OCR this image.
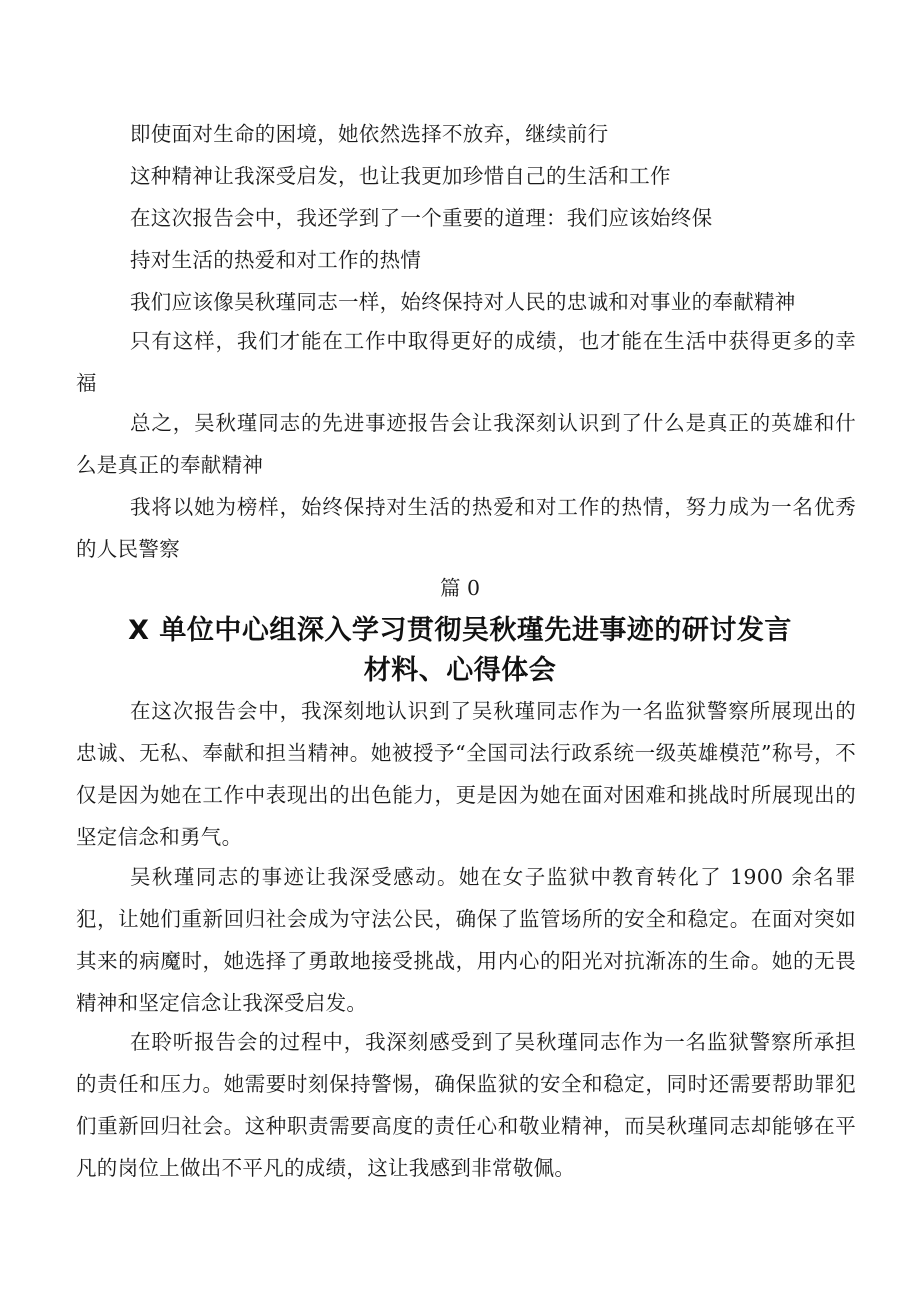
即使面对生命的困境，她依然选择不放弃，继续前行

这种精神让我深受启发，也让我更加珍惜自己的生活和工作

在这次报告会中，我还学到了一个重要的道理：我们应该始终保

持对生活的热爱和对工作的热情

我们应该像吴秋瑾同志一样，始终保持对人民的忠诚和对事业的奉献精神

只有这样，我们才能在工作中取得更好的成绩，也才能在生活中获得更多的幸福

总之，吴秋瑾同志的先进事迹报告会让我深刻认识到了什么是真正的英雄和什么是真正的奉献精神

我将以她为榜样，始终保持对生活的热爱和对工作的热情，努力成为一名优秀的人民警察

篇 0

X 单位中心组深入学习贯彻吴秋瑾先进事迹的研讨发言
材料、心得体会

在这次报告会中，我深刻地认识到了吴秋瑾同志作为一名监狱警察所展现出的忠诚、无私、奉献和担当精神。她被授予“全国司法行政系统一级英雄模范”称号，不仅是因为她在工作中表现出的出色能力，更是因为她在面对困难和挑战时所展现出的坚定信念和勇气。

吴秋瑾同志的事迹让我深受感动。她在女子监狱中教育转化了 1900 余名罪犯，让她们重新回归社会成为守法公民，确保了监管场所的安全和稳定。在面对突如其来的病魔时，她选择了勇敢地接受挑战，用内心的阳光对抗渐冻的生命。她的无畏精神和坚定信念让我深受启发。

在聆听报告会的过程中，我深刻感受到了吴秋瑾同志作为一名监狱警察所承担的责任和压力。她需要时刻保持警惕，确保监狱的安全和稳定，同时还需要帮助罪犯们重新回归社会。这种职责需要高度的责任心和敬业精神，而吴秋瑾同志却能够在平凡的岗位上做出不平凡的成绩，这让我感到非常敬佩。
